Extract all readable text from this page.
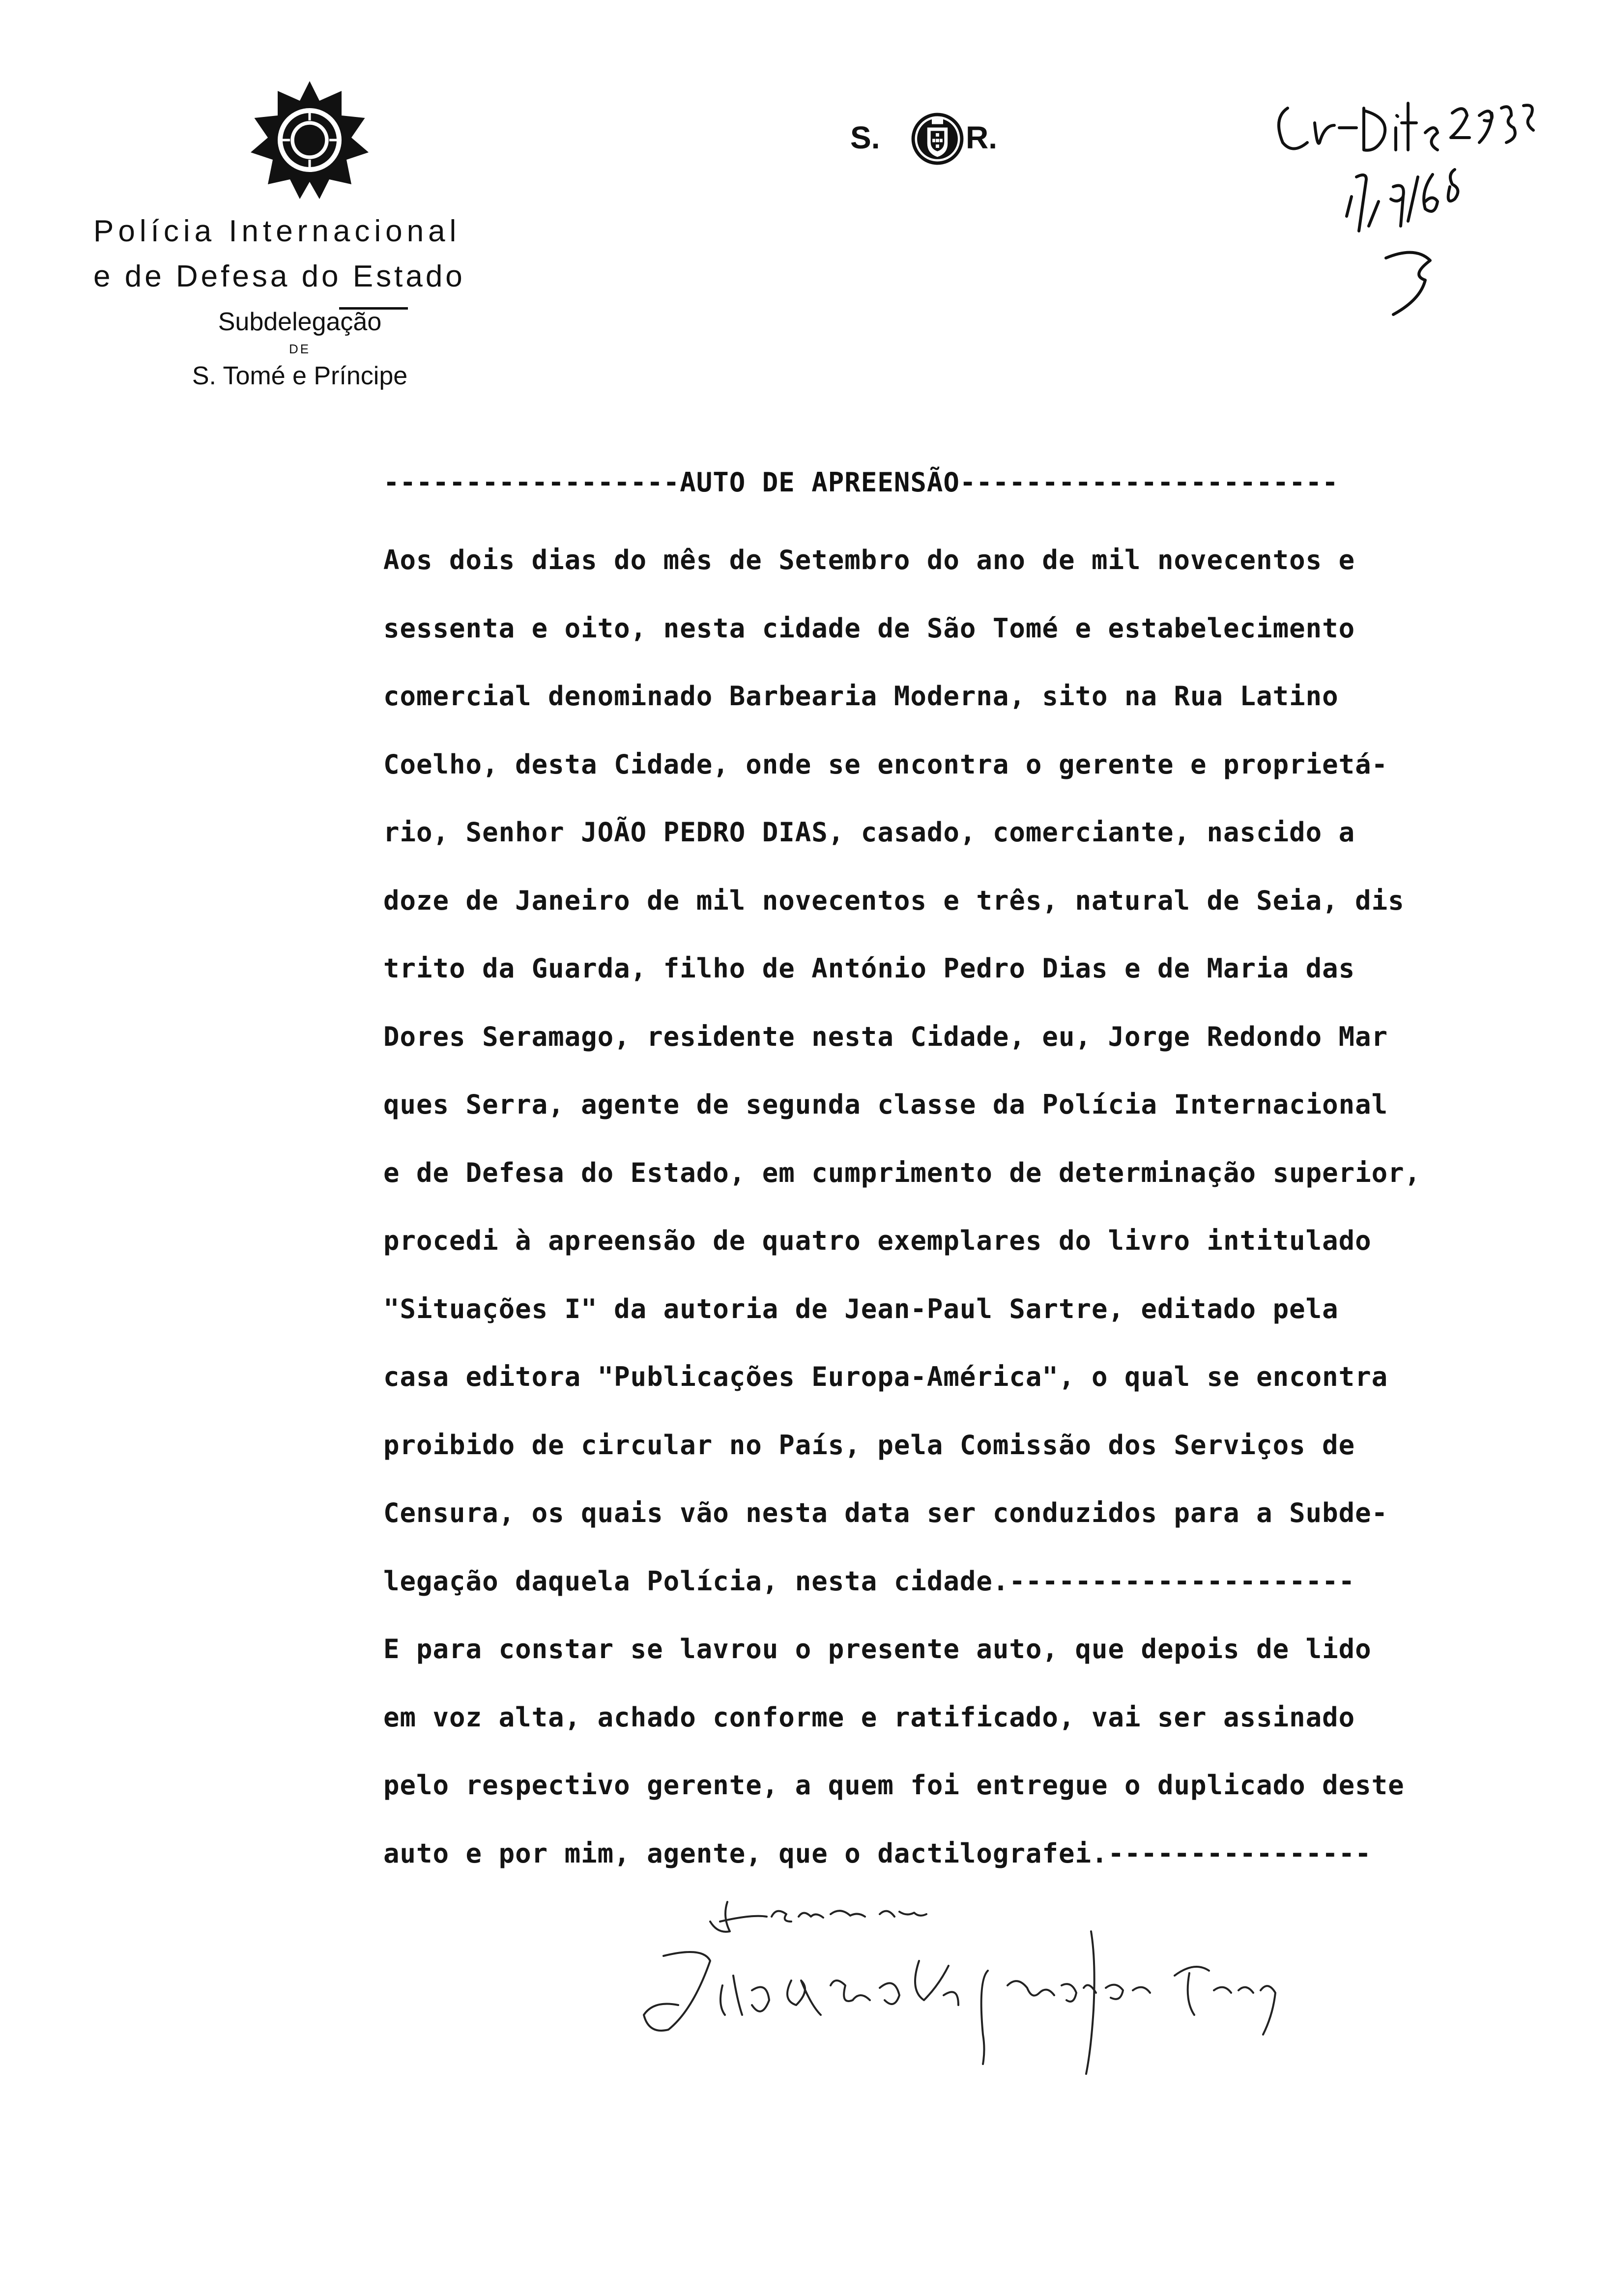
Polícia Internacional
e de Defesa do Estado
Subdelegação
DE
S. Tomé e Príncipe
S.	R.
------------------AUTO DE APREENSÃO-----------------------
Aos dois dias do mês de Setembro do ano de mil novecentos e
sessenta e oito, nesta cidade de São Tomé e estabelecimento
comercial denominado Barbearia Moderna, sito na Rua Latino
Coelho, desta Cidade, onde se encontra o gerente e proprietá-
rio, Senhor JOÃO PEDRO DIAS, casado, comerciante, nascido a
doze de Janeiro de mil novecentos e três, natural de Seia, dis
trito da Guarda, filho de António Pedro Dias e de Maria das
Dores Seramago, residente nesta Cidade, eu, Jorge Redondo Mar
ques Serra, agente de segunda classe da Polícia Internacional
e de Defesa do Estado, em cumprimento de determinação superior,
procedi à apreensão de quatro exemplares do livro intitulado
"Situações I" da autoria de Jean-Paul Sartre, editado pela
casa editora "Publicações Europa-América", o qual se encontra
proibido de circular no País, pela Comissão dos Serviços de
Censura, os quais vão nesta data ser conduzidos para a Subde-
legação daquela Polícia, nesta cidade.---------------------
E para constar se lavrou o presente auto, que depois de lido
em voz alta, achado conforme e ratificado, vai ser assinado
pelo respectivo gerente, a quem foi entregue o duplicado deste
auto e por mim, agente, que o dactilografei.----------------
